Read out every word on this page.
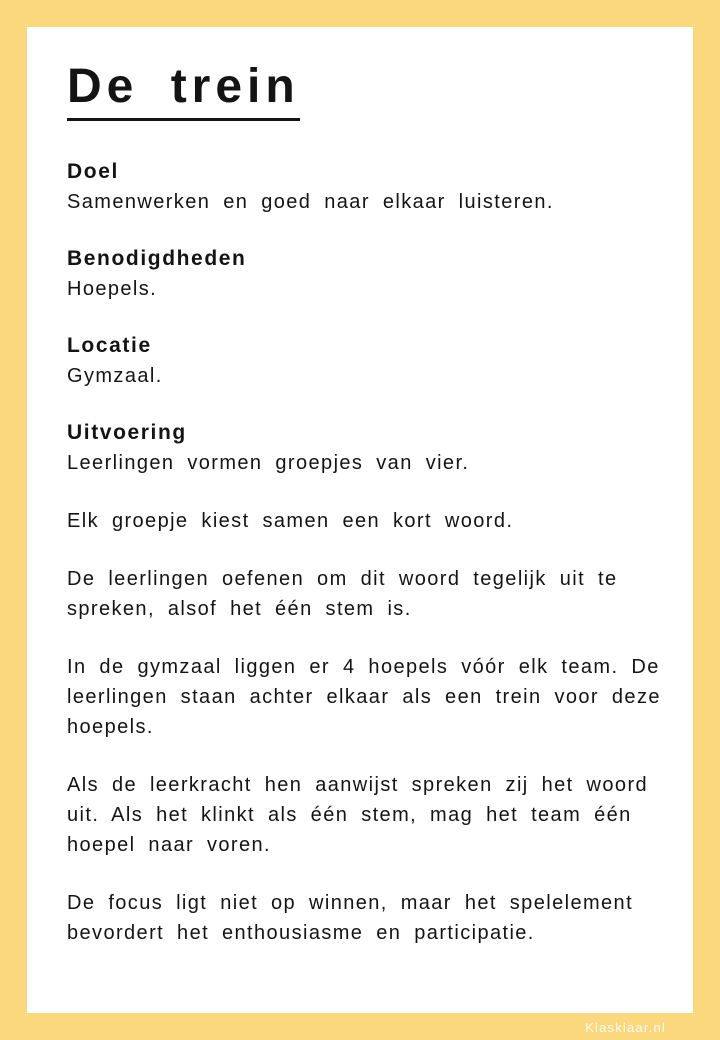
De trein
Doel

Samenwerken en goed naar elkaar luisteren.

Benodigdheden

Hoepels.

Locatie

Gymzaal.

Uitvoering

Leerlingen vormen groepjes van vier.

Elk groepje kiest samen een kort woord.

De leerlingen oefenen om dit woord tegelijk uit te spreken, alsof het één stem is.

In de gymzaal liggen er 4 hoepels vóór elk team. De leerlingen staan achter elkaar als een trein voor deze hoepels.

Als de leerkracht hen aanwijst spreken zij het woord uit. Als het klinkt als één stem, mag het team één hoepel naar voren.

De focus ligt niet op winnen, maar het spelelement bevordert het enthousiasme en participatie.

Klasklaar.nl
